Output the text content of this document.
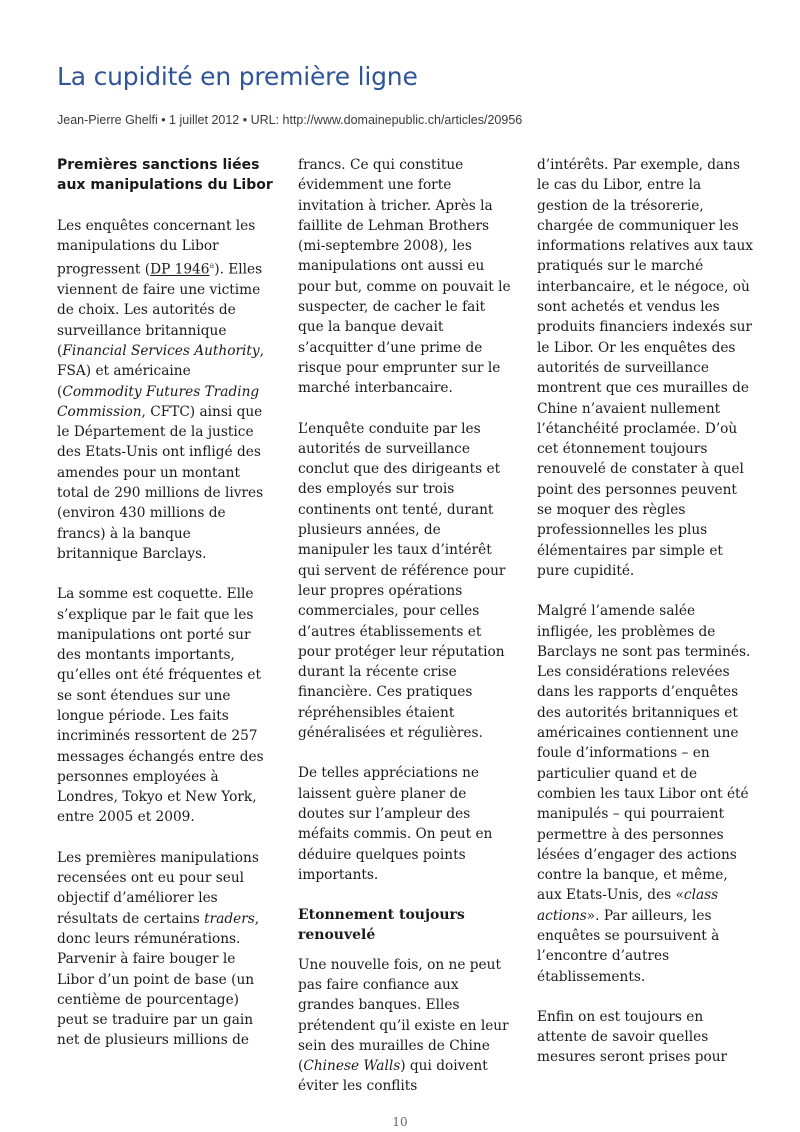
La cupidité en première ligne
Jean-Pierre Ghelfi • 1 juillet 2012 • URL: http://www.domainepublic.ch/articles/20956
Premières sanctions liées aux manipulations du Libor

Les enquêtes concernant les manipulations du Libor progressent (DP 1946$^a$). Elles viennent de faire une victime de choix. Les autorités de surveillance britannique (Financial Services Authority, FSA) et américaine (Commodity Futures Trading Commission, CFTC) ainsi que le Département de la justice des Etats-Unis ont infligé des amendes pour un montant total de 290 millions de livres (environ 430 millions de francs) à la banque britannique Barclays.

La somme est coquette. Elle s’explique par le fait que les manipulations ont porté sur des montants importants, qu’elles ont été fréquentes et se sont étendues sur une longue période. Les faits incriminés ressortent de 257 messages échangés entre des personnes employées à Londres, Tokyo et New York, entre 2005 et 2009.

Les premières manipulations recensées ont eu pour seul objectif d’améliorer les résultats de certains traders, donc leurs rémunérations. Parvenir à faire bouger le Libor d’un point de base (un centième de pourcentage) peut se traduire par un gain net de plusieurs millions de

francs. Ce qui constitue évidemment une forte invitation à tricher. Après la faillite de Lehman Brothers (mi-septembre 2008), les manipulations ont aussi eu pour but, comme on pouvait le suspecter, de cacher le fait que la banque devait s’acquitter d’une prime de risque pour emprunter sur le marché interbancaire.

L’enquête conduite par les autorités de surveillance conclut que des dirigeants et des employés sur trois continents ont tenté, durant plusieurs années, de manipuler les taux d’intérêt qui servent de référence pour leur propres opérations commerciales, pour celles d’autres établissements et pour protéger leur réputation durant la récente crise financière. Ces pratiques répréhensibles étaient généralisées et régulières.

De telles appréciations ne laissent guère planer de doutes sur l’ampleur des méfaits commis. On peut en déduire quelques points importants.

Etonnement toujours renouvelé

Une nouvelle fois, on ne peut pas faire confiance aux grandes banques. Elles prétendent qu’il existe en leur sein des murailles de Chine (Chinese Walls) qui doivent éviter les conflits

d’intérêts. Par exemple, dans le cas du Libor, entre la gestion de la trésorerie, chargée de communiquer les informations relatives aux taux pratiqués sur le marché interbancaire, et le négoce, où sont achetés et vendus les produits financiers indexés sur le Libor. Or les enquêtes des autorités de surveillance montrent que ces murailles de Chine n’avaient nullement l’étanchéité proclamée. D’où cet étonnement toujours renouvelé de constater à quel point des personnes peuvent se moquer des règles professionnelles les plus élémentaires par simple et pure cupidité.

Malgré l’amende salée infligée, les problèmes de Barclays ne sont pas terminés. Les considérations relevées dans les rapports d’enquêtes des autorités britanniques et américaines contiennent une foule d’informations – en particulier quand et de combien les taux Libor ont été manipulés – qui pourraient permettre à des personnes lésées d’engager des actions contre la banque, et même, aux Etats-Unis, des «class actions». Par ailleurs, les enquêtes se poursuivent à l’encontre d’autres établissements.

Enfin on est toujours en attente de savoir quelles mesures seront prises pour

10
